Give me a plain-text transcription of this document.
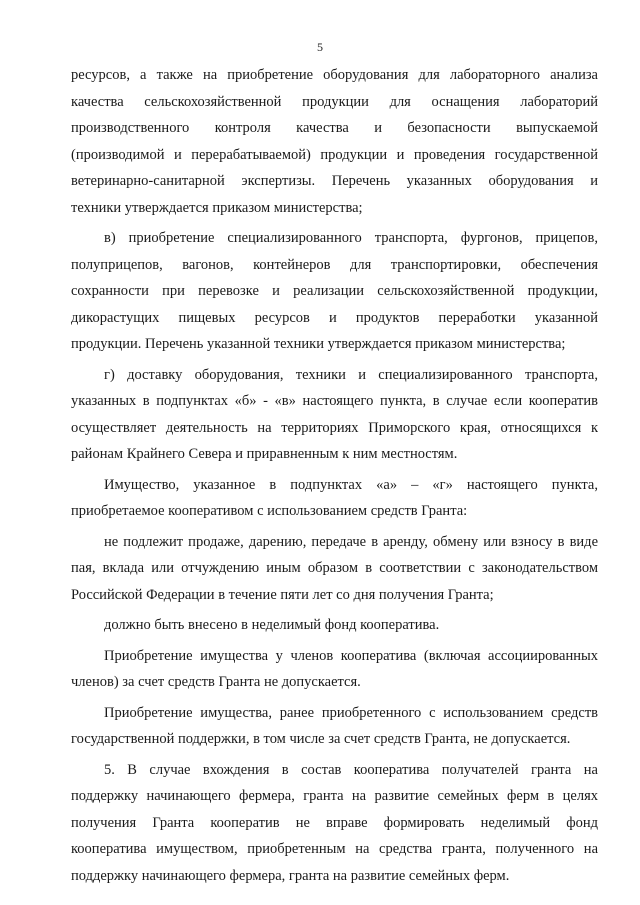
5
ресурсов, а также на приобретение оборудования для лабораторного анализа
качества сельскохозяйственной продукции для оснащения лабораторий
производственного контроля качества и безопасности выпускаемой
(производимой и перерабатываемой) продукции и проведения государственной
ветеринарно-санитарной экспертизы. Перечень указанных оборудования и
техники утверждается приказом министерства;
в) приобретение специализированного транспорта, фургонов, прицепов,
полуприцепов, вагонов, контейнеров для транспортировки, обеспечения
сохранности при перевозке и реализации сельскохозяйственной продукции,
дикорастущих пищевых ресурсов и продуктов переработки указанной
продукции. Перечень указанной техники утверждается приказом министерства;
г) доставку оборудования, техники и специализированного транспорта,
указанных в подпунктах «б» - «в» настоящего пункта, в случае если кооператив
осуществляет деятельность на территориях Приморского края, относящихся к
районам Крайнего Севера и приравненным к ним местностям.
Имущество, указанное в подпунктах «а» – «г» настоящего пункта,
приобретаемое кооперативом с использованием средств Гранта:
не подлежит продаже, дарению, передаче в аренду, обмену или взносу в виде
пая, вклада или отчуждению иным образом в соответствии с законодательством
Российской Федерации в течение пяти лет со дня получения Гранта;
должно быть внесено в неделимый фонд кооператива.
Приобретение имущества у членов кооператива (включая ассоциированных
членов) за счет средств Гранта не допускается.
Приобретение имущества, ранее приобретенного с использованием средств
государственной поддержки, в том числе за счет средств Гранта, не допускается.
5. В случае вхождения в состав кооператива получателей гранта на
поддержку начинающего фермера, гранта на развитие семейных ферм в целях
получения Гранта кооператив не вправе формировать неделимый фонд
кооператива имуществом, приобретенным на средства гранта, полученного на
поддержку начинающего фермера, гранта на развитие семейных ферм.
